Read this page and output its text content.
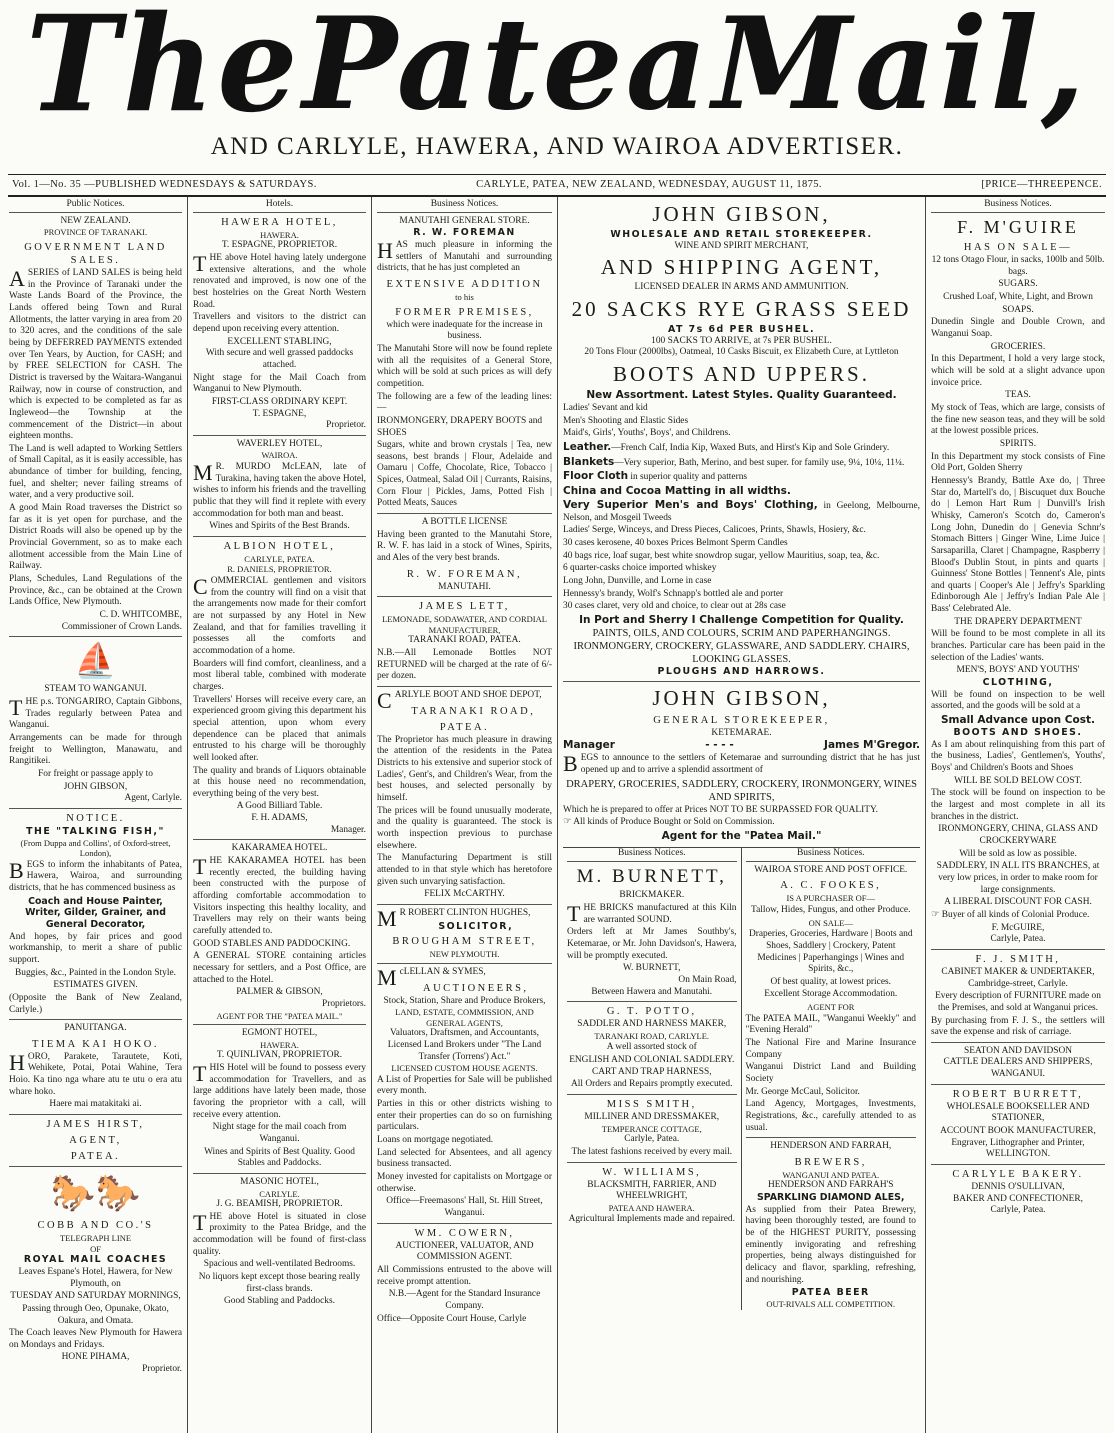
The Patea Mail,
AND CARLYLE, HAWERA, AND WAIROA ADVERTISER.
Vol. 1—No. 35 —PUBLISHED WEDNESDAYS & SATURDAYS.	CARLYLE, PATEA, NEW ZEALAND, WEDNESDAY, AUGUST 11, 1875.	[PRICE—THREEPENCE.
Public Notices.
NEW ZEALAND.
PROVINCE OF TARANAKI.
GOVERNMENT LAND SALES.

ASERIES of LAND SALES is being held in the Province of Taranaki under the Waste Lands Board of the Province, the Lands offered being Town and Rural Allotments, the latter varying in area from 20 to 320 acres, and the conditions of the sale being by DEFERRED PAYMENTS extended over Ten Years, by Auction, for CASH; and by FREE SELECTION for CASH. The District is traversed by the Waitara-Wanganui Railway, now in course of construction, and which is expected to be completed as far as Ingleweod—the Township at the commencement of the District—in about eighteen months.

The Land is well adapted to Working Settlers of Small Capital, as it is easily accessible, has abundance of timber for building, fencing, fuel, and shelter; never failing streams of water, and a very productive soil.

A good Main Road traverses the District so far as it is yet open for purchase, and the District Roads will also be opened up by the Provincial Government, so as to make each allotment accessible from the Main Line of Railway.

Plans, Schedules, Land Regulations of the Province, &c., can be obtained at the Crown Lands Office, New Plymouth.

C. D. WHITCOMBE,
Commissioner of Crown Lands.
⛵
STEAM TO WANGANUI.

THE p.s. TONGARIRO, Captain Gibbons, Trades regularly between Patea and Wanganui.

Arrangements can be made for through freight to Wellington, Manawatu, and Rangitikei.

For freight or passage apply to

JOHN GIBSON,
Agent, Carlyle.
NOTICE.
THE "TALKING FISH,"
(From Duppa and Collins', of Oxford-street, London),

BEGS to inform the inhabitants of Patea, Hawera, Wairoa, and surrounding districts, that he has commenced business as

Coach and House Painter, Writer, Gilder, Grainer, and General Decorator,

And hopes, by fair prices and good workmanship, to merit a share of public support.

Buggies, &c., Painted in the London Style.

ESTIMATES GIVEN.

(Opposite the Bank of New Zealand, Carlyle.)

PANUITANGA.
TIEMA KAI HOKO.

HORO, Parakete, Tarautete, Koti, Wehikete, Potai, Potai Wahine, Tera Hoio. Ka tino nga whare atu te utu o era atu whare hoko.

Haere mai matakitaki ai.
JAMES HIRST,
AGENT,
PATEA.
🐎🐎
COBB AND CO.'S
TELEGRAPH LINE
OF
ROYAL MAIL COACHES

Leaves Espane's Hotel, Hawera, for New Plymouth, on

TUESDAY AND SATURDAY MORNINGS,

Passing through Oeo, Opunake, Okato, Oakura, and Omata.

The Coach leaves New Plymouth for Hawera on Mondays and Fridays.

HONE PIHAMA,
Proprietor.
Hotels.
HAWERA HOTEL,
HAWERA.
T. ESPAGNE, PROPRIETOR.

THE above Hotel having lately undergone extensive alterations, and the whole renovated and improved, is now one of the best hostelries on the Great North Western Road.

Travellers and visitors to the district can depend upon receiving every attention.

EXCELLENT STABLING,
With secure and well grassed paddocks attached.

Night stage for the Mail Coach from Wanganui to New Plymouth.

FIRST-CLASS ORDINARY KEPT.
T. ESPAGNE,
Proprietor.
WAVERLEY HOTEL,
WAIROA.

MR. MURDO McLEAN, late of Turakina, having taken the above Hotel, wishes to inform his friends and the travelling public that they will find it replete with every accommodation for both man and beast.

Wines and Spirits of the Best Brands.

ALBION HOTEL,
CARLYLE, PATEA.
R. DANIELS, PROPRIETOR.

COMMERCIAL gentlemen and visitors from the country will find on a visit that the arrangements now made for their comfort are not surpassed by any Hotel in New Zealand, and that for families travelling it possesses all the comforts and accommodation of a home.

Boarders will find comfort, cleanliness, and a most liberal table, combined with moderate charges.

Travellers' Horses will receive every care, an experienced groom giving this department his special attention, upon whom every dependence can be placed that animals entrusted to his charge will be thoroughly well looked after.

The quality and brands of Liquors obtainable at this house need no recommendation, everything being of the very best.

A Good Billiard Table.
F. H. ADAMS,
Manager.
KAKARAMEA HOTEL.

THE KAKARAMEA HOTEL has been recently erected, the building having been constructed with the purpose of affording comfortable accommodation to Visitors inspecting this healthy locality, and Travellers may rely on their wants being carefully attended to.

GOOD STABLES AND PADDOCKING.

A GENERAL STORE containing articles necessary for settlers, and a Post Office, are attached to the Hotel.

PALMER & GIBSON,
Proprietors.
AGENT FOR THE "PATEA MAIL."
EGMONT HOTEL,
HAWERA.
T. QUINLIVAN, PROPRIETOR.

THIS Hotel will be found to possess every accommodation for Travellers, and as large additions have lately been made, those favoring the proprietor with a call, will receive every attention.

Night stage for the mail coach from Wanganui.

Wines and Spirits of Best Quality. Good Stables and Paddocks.

MASONIC HOTEL,
CARLYLE.
J. G. BEAMISH, PROPRIETOR.

THE above Hotel is situated in close proximity to the Patea Bridge, and the accommodation will be found of first-class quality.

Spacious and well-ventilated Bedrooms.

No liquors kept except those bearing really first-class brands.

Good Stabling and Paddocks.

Business Notices.
MANUTAHI GENERAL STORE.
R. W. FOREMAN

HAS much pleasure in informing the settlers of Manutahi and surrounding districts, that he has just completed an

EXTENSIVE ADDITION
to his
FORMER PREMISES,

which were inadequate for the increase in business.

The Manutahi Store will now be found replete with all the requisites of a General Store, which will be sold at such prices as will defy competition.

The following are a few of the leading lines:—

IRONMONGERY, DRAPERY BOOTS and SHOES

Sugars, white and brown crystals | Tea, new seasons, best brands | Flour, Adelaide and Oamaru | Coffe, Chocolate, Rice, Tobacco | Spices, Oatmeal, Salad Oil | Currants, Raisins, Corn Flour | Pickles, Jams, Potted Fish | Potted Meats, Sauces

A BOTTLE LICENSE

Having been granted to the Manutahi Store, R. W. F. has laid in a stock of Wines, Spirits, and Ales of the very best brands.

R. W. FOREMAN,
MANUTAHI.
JAMES LETT,
LEMONADE, SODAWATER, AND CORDIAL MANUFACTURER,
TARANAKI ROAD, PATEA.

N.B.—All Lemonade Bottles NOT RETURNED will be charged at the rate of 6/- per dozen.

CARLYLE BOOT AND SHOE DEPOT,

TARANAKI ROAD,
PATEA.

The Proprietor has much pleasure in drawing the attention of the residents in the Patea Districts to his extensive and superior stock of Ladies', Gent's, and Children's Wear, from the best houses, and selected personally by himself.

The prices will be found unusually moderate, and the quality is guaranteed. The stock is worth inspection previous to purchase elsewhere.

The Manufacturing Department is still attended to in that style which has heretofore given such unvarying satisfaction.

FELIX McCARTHY.

MR ROBERT CLINTON HUGHES,

SOLICITOR,
BROUGHAM STREET,
NEW PLYMOUTH.

McLELLAN & SYMES,

AUCTIONEERS,
Stock, Station, Share and Produce Brokers,
LAND, ESTATE, COMMISSION, AND GENERAL AGENTS,
Valuators, Draftsmen, and Accountants, Licensed Land Brokers under "The Land Transfer (Torrens') Act."
LICENSED CUSTOM HOUSE AGENTS.

A List of Properties for Sale will be published every month.

Parties in this or other districts wishing to enter their properties can do so on furnishing particulars.

Loans on mortgage negotiated.

Land selected for Absentees, and all agency business transacted.

Money invested for capitalists on Mortgage or otherwise.

Office—Freemasons' Hall, St. Hill Street, Wanganui.

WM. COWERN,
AUCTIONEER, VALUATOR, AND COMMISSION AGENT.

All Commissions entrusted to the above will receive prompt attention.

N.B.—Agent for the Standard Insurance Company.

Office—Opposite Court House, Carlyle

JOHN GIBSON,
WHOLESALE AND RETAIL STOREKEEPER.
WINE AND SPIRIT MERCHANT,
AND SHIPPING AGENT,
LICENSED DEALER IN ARMS AND AMMUNITION.
20 SACKS RYE GRASS SEED
AT 7s 6d PER BUSHEL.
100 SACKS TO ARRIVE, at 7s PER BUSHEL.
20 Tons Flour (2000lbs), Oatmeal, 10 Casks Biscuit, ex Elizabeth Cure, at Lyttleton
BOOTS AND UPPERS.
New Assortment. Latest Styles. Quality Guaranteed.

Ladies' Sevant and kid

Men's Shooting and Elastic Sides

Maid's, Girls', Youths', Boys', and Childrens.

Leather.—French Calf, India Kip, Waxed Buts, and Hirst's Kip and Sole Grindery.

Blankets—Very superior, Bath, Merino, and best super. for family use, 9¼, 10¼, 11¼.

Floor Cloth in superior quality and patterns

China and Cocoa Matting in all widths.

Very Superior Men's and Boys' Clothing, in Geelong, Melbourne, Nelson, and Mosgeil Tweeds

Ladies' Serge, Winceys, and Dress Pieces, Calicoes, Prints, Shawls, Hosiery, &c.

30 cases kerosene, 40 boxes Prices Belmont Sperm Candles

40 bags rice, loaf sugar, best white snowdrop sugar, yellow Mauritius, soap, tea, &c.

6 quarter-casks choice imported whiskey

Long John, Dunville, and Lorne in case

Hennessy's brandy, Wolf's Schnapp's bottled ale and porter

30 cases claret, very old and choice, to clear out at 28s case

In Port and Sherry I Challenge Competition for Quality.
PAINTS, OILS, AND COLOURS, SCRIM AND PAPERHANGINGS. IRONMONGERY, CROCKERY, GLASSWARE, AND SADDLERY. CHAIRS, LOOKING GLASSES.
PLOUGHS AND HARROWS.
JOHN GIBSON,
GENERAL STOREKEEPER,
KETEMARAE.
Manager	- - - -	James M'Gregor.

BEGS to announce to the settlers of Ketemarae and surrounding district that he has just opened up and to arrive a splendid assortment of

DRAPERY, GROCERIES, SADDLERY, CROCKERY, IRONMONGERY, WINES AND SPIRITS,

Which he is prepared to offer at Prices NOT TO BE SURPASSED FOR QUALITY.

☞ All kinds of Produce Bought or Sold on Commission.

Agent for the "Patea Mail."
Business Notices.
M. BURNETT,
BRICKMAKER.

THE BRICKS manufactured at this Kiln are warranted SOUND.

Orders left at Mr James Southby's, Ketemarae, or Mr. John Davidson's, Hawera, will be promptly executed.

W. BURNETT,
On Main Road,
Between Hawera and Manutahi.
G. T. POTTO,
SADDLER AND HARNESS MAKER,
TARANAKI ROAD, CARLYLE.

A well assorted stock of

ENGLISH AND COLONIAL SADDLERY. CART AND TRAP HARNESS,

All Orders and Repairs promptly executed.

MISS SMITH,
MILLINER AND DRESSMAKER,
TEMPERANCE COTTAGE,
Carlyle, Patea.

The latest fashions received by every mail.

W. WILLIAMS,
BLACKSMITH, FARRIER, AND WHEELWRIGHT,
PATEA AND HAWERA.

Agricultural Implements made and repaired.

Business Notices.
WAIROA STORE AND POST OFFICE.
A. C. FOOKES,
IS A PURCHASER OF—

Tallow, Hides, Fungus, and other Produce.

ON SALE—

Draperies, Groceries, Hardware | Boots and Shoes, Saddlery | Crockery, Patent Medicines | Paperhangings | Wines and Spirits, &c.,

Of best quality, at lowest prices.

Excellent Storage Accommodation.

AGENT FOR

The PATEA MAIL, "Wanganui Weekly" and "Evening Herald"

The National Fire and Marine Insurance Company

Wanganui District Land and Building Society

Mr. George McCaul, Solicitor.

Land Agency, Mortgages, Investments, Registrations, &c., carefully attended to as usual.

HENDERSON AND FARRAH,
BREWERS,
WANGANUI AND PATEA.
HENDERSON AND FARRAH'S
SPARKLING DIAMOND ALES,

As supplied from their Patea Brewery, having been thoroughly tested, are found to be of the HIGHEST PURITY, possessing eminently invigorating and refreshing properties, being always distinguished for delicacy and flavor, sparkling, refreshing, and nourishing.

PATEA BEER
OUT-RIVALS ALL COMPETITION.
Business Notices.
F. M'GUIRE
HAS ON SALE—

12 tons Otago Flour, in sacks, 100lb and 50lb. bags.

SUGARS.

Crushed Loaf, White, Light, and Brown

SOAPS.

Dunedin Single and Double Crown, and Wanganui Soap.

GROCERIES.

In this Department, I hold a very large stock, which will be sold at a slight advance upon invoice price.

TEAS.

My stock of Teas, which are large, consists of the fine new season teas, and they will be sold at the lowest possible prices.

SPIRITS.

In this Department my stock consists of Fine Old Port, Golden Sherry

Hennessy's Brandy, Battle Axe do, | Three Star do, Martell's do, | Biscuquet dux Bouche do | Lemon Hart Rum | Dunvill's Irish Whisky, Cameron's Scotch do, Cameron's Long John, Dunedin do | Genevia Schnr's Stomach Bitters | Ginger Wine, Lime Juice | Sarsaparilla, Claret | Champagne, Raspberry | Blood's Dublin Stout, in pints and quarts | Guinness' Stone Bottles | Tennent's Ale, pints and quarts | Cooper's Ale | Jeffry's Sparkling Edinborough Ale | Jeffry's Indian Pale Ale | Bass' Celebrated Ale.

THE DRAPERY DEPARTMENT

Will be found to be most complete in all its branches. Particular care has been paid in the selection of the Ladies' wants.

MEN'S, BOYS' AND YOUTHS'
CLOTHING,

Will be found on inspection to be well assorted, and the goods will be sold at a

Small Advance upon Cost.
BOOTS AND SHOES.

As I am about relinquishing from this part of the business, Ladies', Gentlemen's, Youths', Boys' and Children's Boots and Shoes

WILL BE SOLD BELOW COST.

The stock will be found on inspection to be the largest and most complete in all its branches in the district.

IRONMONGERY, CHINA, GLASS AND CROCKERYWARE

Will be sold as low as possible.

SADDLERY, IN ALL ITS BRANCHES, at very low prices, in order to make room for large consignments.

A LIBERAL DISCOUNT FOR CASH.

☞ Buyer of all kinds of Colonial Produce.

F. McGUIRE,
Carlyle, Patea.
F. J. SMITH,
CABINET MAKER & UNDERTAKER, Cambridge-street, Carlyle.

Every description of FURNITURE made on the Premises, and sold at Wanganui prices.

By purchasing from F. J. S., the settlers will save the expense and risk of carriage.

SEATON AND DAVIDSON
CATTLE DEALERS AND SHIPPERS,
WANGANUI.
ROBERT BURRETT,
WHOLESALE BOOKSELLER AND STATIONER,

ACCOUNT BOOK MANUFACTURER, Engraver, Lithographer and Printer, WELLINGTON.

CARLYLE BAKERY.
DENNIS O'SULLIVAN,
BAKER AND CONFECTIONER,
Carlyle, Patea.
